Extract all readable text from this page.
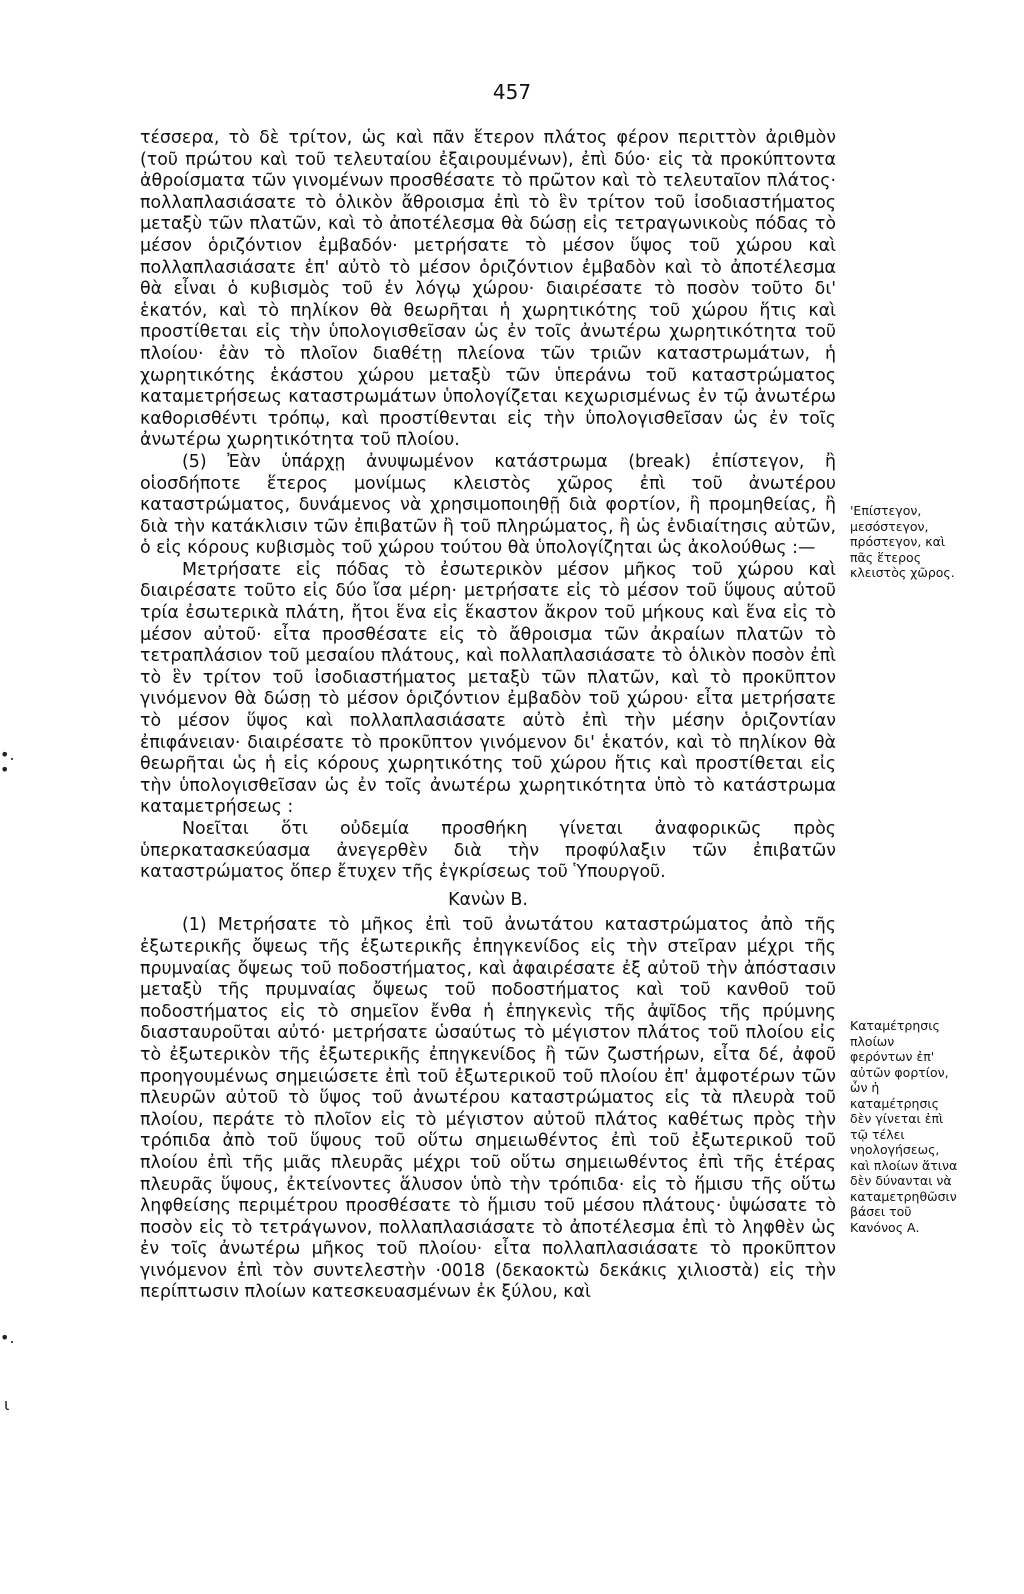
457

τέσσερα, τὸ δὲ τρίτον, ὡς καὶ πᾶν ἕτερον πλάτος φέρον περιττὸν ἀριθμὸν (τοῦ πρώτου καὶ τοῦ τελευταίου ἐξαιρουμένων), ἐπὶ δύο· εἰς τὰ προκύπτοντα ἀθροίσματα τῶν γινομένων προσθέσατε τὸ πρῶτον καὶ τὸ τελευταῖον πλάτος· πολλαπλασιάσατε τὸ ὁλικὸν ἄθροισμα ἐπὶ τὸ ἓν τρίτον τοῦ ἰσοδιαστήματος μεταξὺ τῶν πλατῶν, καὶ τὸ ἀποτέλεσμα θὰ δώσῃ εἰς τετραγωνικοὺς πόδας τὸ μέσον ὁριζόντιον ἐμβαδόν· μετρήσατε τὸ μέσον ὕψος τοῦ χώρου καὶ πολλαπλασιάσατε ἐπ' αὐτὸ τὸ μέσον ὁριζόντιον ἐμβαδὸν καὶ τὸ ἀποτέλεσμα θὰ εἶναι ὁ κυβισμὸς τοῦ ἐν λόγῳ χώρου· διαιρέσατε τὸ ποσὸν τοῦτο δι' ἑκατόν, καὶ τὸ πηλίκον θὰ θεωρῆται ἡ χωρητικότης τοῦ χώρου ἥτις καὶ προστίθεται εἰς τὴν ὑπολογισθεῖσαν ὡς ἐν τοῖς ἀνωτέρω χωρητικότητα τοῦ πλοίου· ἐὰν τὸ πλοῖον διαθέτῃ πλείονα τῶν τριῶν καταστρωμάτων, ἡ χωρητικότης ἑκάστου χώρου μεταξὺ τῶν ὑπεράνω τοῦ καταστρώματος καταμετρήσεως καταστρωμάτων ὑπολογίζεται κεχωρισμένως ἐν τῷ ἀνωτέρω καθορισθέντι τρόπῳ, καὶ προστίθενται εἰς τὴν ὑπολογισθεῖσαν ὡς ἐν τοῖς ἀνωτέρω χωρητικότητα τοῦ πλοίου.

(5) Ἐὰν ὑπάρχῃ ἀνυψωμένον κατάστρωμα (break) ἐπίστεγον, ἢ οἱοσδήποτε ἕτερος μονίμως κλειστὸς χῶρος ἐπὶ τοῦ ἀνωτέρου καταστρώματος, δυνάμενος νὰ χρησιμοποιηθῇ διὰ φορτίον, ἢ προμηθείας, ἢ διὰ τὴν κατάκλισιν τῶν ἐπιβατῶν ἢ τοῦ πληρώματος, ἢ ὡς ἐνδιαίτησις αὐτῶν, ὁ εἰς κόρους κυβισμὸς τοῦ χώρου τούτου θὰ ὑπολογίζηται ὡς ἀκολούθως :—

Μετρήσατε εἰς πόδας τὸ ἐσωτερικὸν μέσον μῆκος τοῦ χώρου καὶ διαιρέσατε τοῦτο εἰς δύο ἴσα μέρη· μετρήσατε εἰς τὸ μέσον τοῦ ὕψους αὐτοῦ τρία ἐσωτερικὰ πλάτη, ἤτοι ἕνα εἰς ἕκαστον ἄκρον τοῦ μήκους καὶ ἕνα εἰς τὸ μέσον αὐτοῦ· εἶτα προσθέσατε εἰς τὸ ἄθροισμα τῶν ἀκραίων πλατῶν τὸ τετραπλάσιον τοῦ μεσαίου πλάτους, καὶ πολλαπλασιάσατε τὸ ὁλικὸν ποσὸν ἐπὶ τὸ ἓν τρίτον τοῦ ἰσοδιαστήματος μεταξὺ τῶν πλατῶν, καὶ τὸ προκῦπτον γινόμενον θὰ δώσῃ τὸ μέσον ὁριζόντιον ἐμβαδὸν τοῦ χώρου· εἶτα μετρήσατε τὸ μέσον ὕψος καὶ πολλαπλασιάσατε αὐτὸ ἐπὶ τὴν μέσην ὁριζοντίαν ἐπιφάνειαν· διαιρέσατε τὸ προκῦπτον γινόμενον δι' ἑκατόν, καὶ τὸ πηλίκον θὰ θεωρῆται ὡς ἡ εἰς κόρους χωρητικότης τοῦ χώρου ἥτις καὶ προστίθεται εἰς τὴν ὑπολογισθεῖσαν ὡς ἐν τοῖς ἀνωτέρω χωρητικότητα ὑπὸ τὸ κατάστρωμα καταμετρήσεως :

Νοεῖται ὅτι οὐδεμία προσθήκη γίνεται ἀναφορικῶς πρὸς ὑπερκατασκεύασμα ἀνεγερθὲν διὰ τὴν προφύλαξιν τῶν ἐπιβατῶν καταστρώματος ὅπερ ἔτυχεν τῆς ἐγκρίσεως τοῦ Ὑπουργοῦ.

Κανὼν Β.

(1) Μετρήσατε τὸ μῆκος ἐπὶ τοῦ ἀνωτάτου καταστρώματος ἀπὸ τῆς ἐξωτερικῆς ὄψεως τῆς ἐξωτερικῆς ἐπηγκενίδος εἰς τὴν στεῖραν μέχρι τῆς πρυμναίας ὄψεως τοῦ ποδοστήματος, καὶ ἀφαιρέσατε ἐξ αὐτοῦ τὴν ἀπόστασιν μεταξὺ τῆς πρυμναίας ὄψεως τοῦ ποδοστήματος καὶ τοῦ κανθοῦ τοῦ ποδοστήματος εἰς τὸ σημεῖον ἔνθα ἡ ἐπηγκενὶς τῆς ἀψῖδος τῆς πρύμνης διασταυροῦται αὐτό· μετρήσατε ὡσαύτως τὸ μέγιστον πλάτος τοῦ πλοίου εἰς τὸ ἐξωτερικὸν τῆς ἐξωτερικῆς ἐπηγκενίδος ἢ τῶν ζωστήρων, εἶτα δέ, ἀφοῦ προηγουμένως σημειώσετε ἐπὶ τοῦ ἐξωτερικοῦ τοῦ πλοίου ἐπ' ἀμφοτέρων τῶν πλευρῶν αὐτοῦ τὸ ὕψος τοῦ ἀνωτέρου καταστρώματος εἰς τὰ πλευρὰ τοῦ πλοίου, περάτε τὸ πλοῖον εἰς τὸ μέγιστον αὐτοῦ πλάτος καθέτως πρὸς τὴν τρόπιδα ἀπὸ τοῦ ὕψους τοῦ οὕτω σημειωθέντος ἐπὶ τοῦ ἐξωτερικοῦ τοῦ πλοίου ἐπὶ τῆς μιᾶς πλευρᾶς μέχρι τοῦ οὕτω σημειωθέντος ἐπὶ τῆς ἑτέρας πλευρᾶς ὕψους, ἐκτείνοντες ἅλυσον ὑπὸ τὴν τρόπιδα· εἰς τὸ ἥμισυ τῆς οὕτω ληφθείσης περιμέτρου προσθέσατε τὸ ἥμισυ τοῦ μέσου πλάτους· ὑψώσατε τὸ ποσὸν εἰς τὸ τετράγωνον, πολλαπλασιάσατε τὸ ἀποτέλεσμα ἐπὶ τὸ ληφθὲν ὡς ἐν τοῖς ἀνωτέρω μῆκος τοῦ πλοίου· εἶτα πολλαπλασιάσατε τὸ προκῦπτον γινόμενον ἐπὶ τὸν συντελεστὴν ·0018 (δεκαοκτὼ δεκάκις χιλιοστὰ) εἰς τὴν περίπτωσιν πλοίων κατεσκευασμένων ἐκ ξύλου, καὶ

'Επίστεγον, μεσόστεγον, πρόστεγον, καὶ πᾶς ἕτερος κλειστὸς χῶρος.
Καταμέτρησις πλοίων φερόντων ἐπ' αὐτῶν φορτίον, ὧν ἡ καταμέτρησις δὲν γίνεται ἐπὶ τῷ τέλει νηολογήσεως, καὶ πλοίων ἅτινα δὲν δύνανται νὰ καταμετρηθῶσιν βάσει τοῦ Κανόνος Α.
•.
•.
ι
•
